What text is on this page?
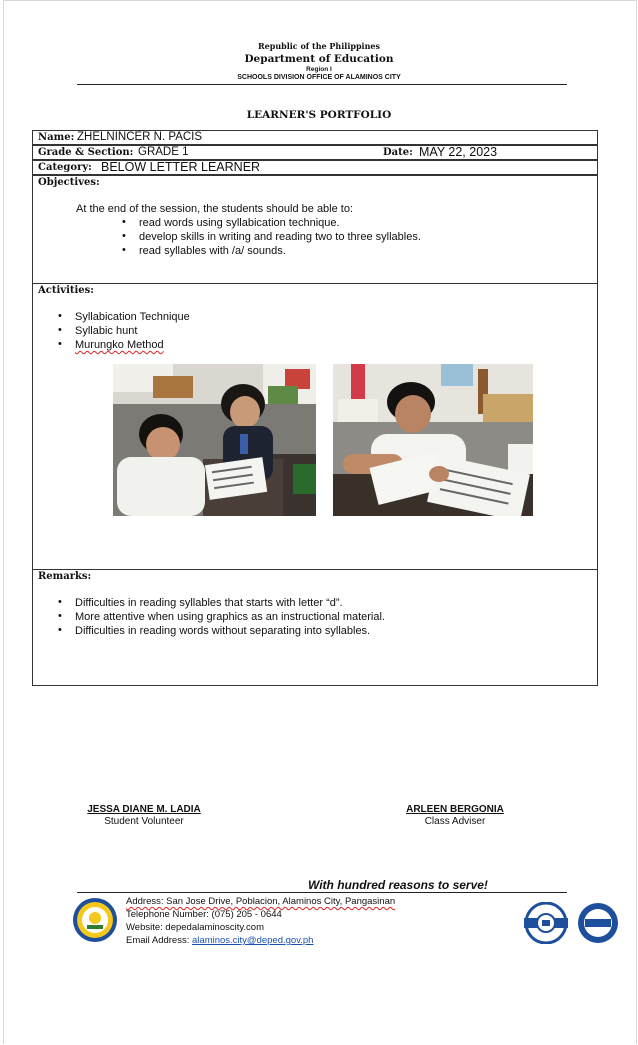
Republic of the Philippines
Department of Education
Region I
SCHOOLS DIVISION OFFICE OF ALAMINOS CITY
LEARNER'S PORTFOLIO
Name: ZHELNINCER N. PACIS
Grade & Section: GRADE 1	Date: MAY 22, 2023
Category: BELOW LETTER LEARNER
Objectives:
At the end of the session, the students should be able to:
• read words using syllabication technique.
• develop skills in writing and reading two to three syllables.
• read syllables with /a/ sounds.
Activities:
• Syllabication Technique
• Syllabic hunt
• Murungko Method
Remarks:
• Difficulties in reading syllables that starts with letter “d”.
• More attentive when using graphics as an instructional material.
• Difficulties in reading words without separating into syllables.
JESSA DIANE M. LADIA
Student Volunteer
ARLEEN BERGONIA
Class Adviser
With hundred reasons to serve!
Address: San Jose Drive, Poblacion, Alaminos City, Pangasinan
Telephone Number: (075) 205 - 0644
Website: depedalaminoscity.com
Email Address: alaminos.city@deped.gov.ph
